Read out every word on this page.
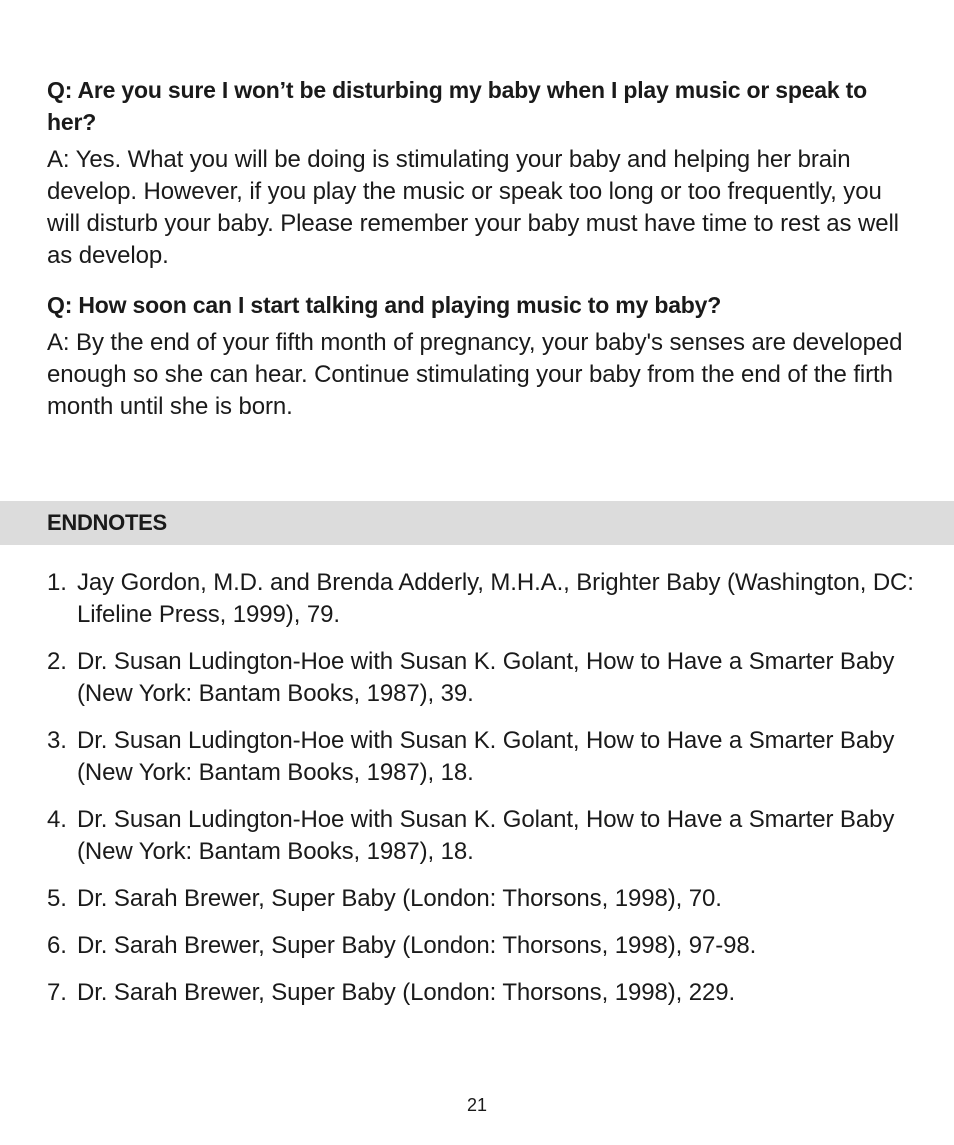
Q: Are you sure I won’t be disturbing my baby when I play music or speak to her?

A: Yes. What you will be doing is stimulating your baby and helping her brain develop. However, if you play the music or speak too long or too frequently, you will disturb your baby. Please remember your baby must have time to rest as well as develop.

Q: How soon can I start talking and playing music to my baby?

A: By the end of your fifth month of pregnancy, your baby's senses are developed enough so she can hear. Continue stimulating your baby from the end of the firth month until she is born.

ENDNOTES
1. Jay Gordon, M.D. and Brenda Adderly, M.H.A., Brighter Baby (Washington, DC: Lifeline Press, 1999), 79.
2. Dr. Susan Ludington-Hoe with Susan K. Golant, How to Have a Smarter Baby (New York: Bantam Books, 1987), 39.
3. Dr. Susan Ludington-Hoe with Susan K. Golant, How to Have a Smarter Baby (New York: Bantam Books, 1987), 18.
4. Dr. Susan Ludington-Hoe with Susan K. Golant, How to Have a Smarter Baby (New York: Bantam Books, 1987), 18.
5. Dr. Sarah Brewer, Super Baby (London: Thorsons, 1998), 70.
6. Dr. Sarah Brewer, Super Baby (London: Thorsons, 1998), 97-98.
7. Dr. Sarah Brewer, Super Baby (London: Thorsons, 1998), 229.
21
